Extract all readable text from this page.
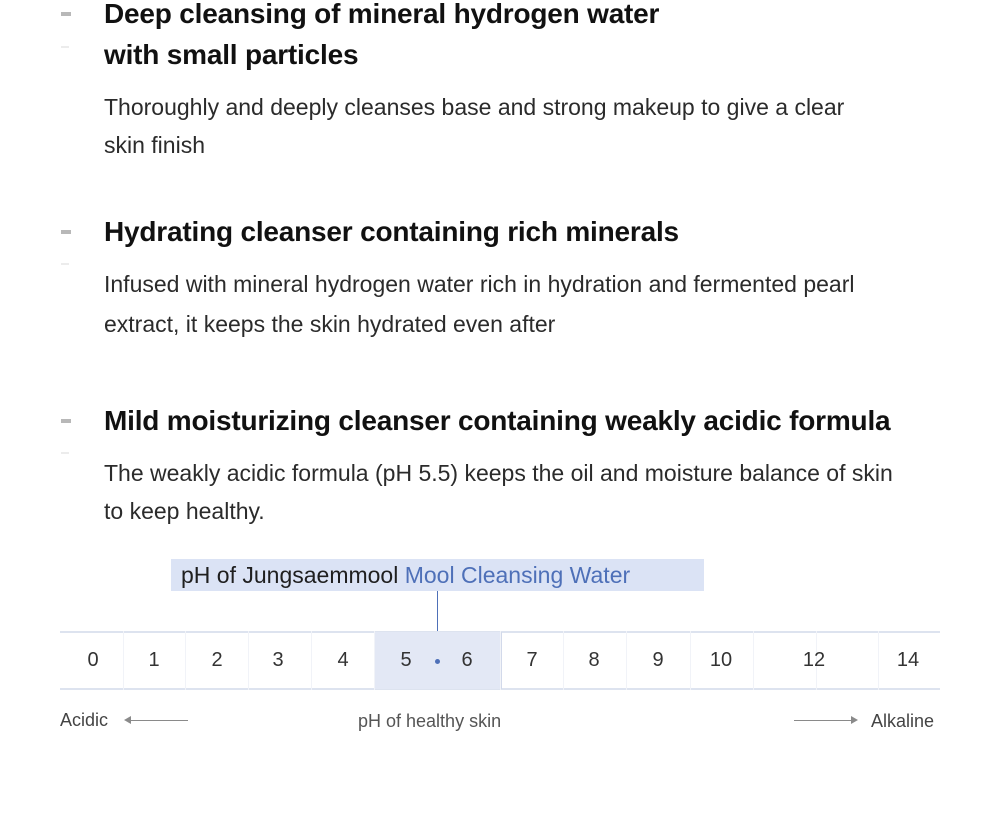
Deep cleansing of mineral hydrogen water
with small particles

Thoroughly and deeply cleanses base and strong makeup to give a clear
skin finish

Hydrating cleanser containing rich minerals

Infused with mineral hydrogen water rich in hydration and fermented pearl
extract, it keeps the skin hydrated even after

Mild moisturizing cleanser containing weakly acidic formula

The weakly acidic formula (pH 5.5) keeps the oil and moisture balance of skin
to keep healthy.

pH of Jungsaemmool Mool Cleansing Water
0	1	2	3	4	5	6	7	8	9	10	12	14
Acidic	pH of healthy skin	Alkaline
